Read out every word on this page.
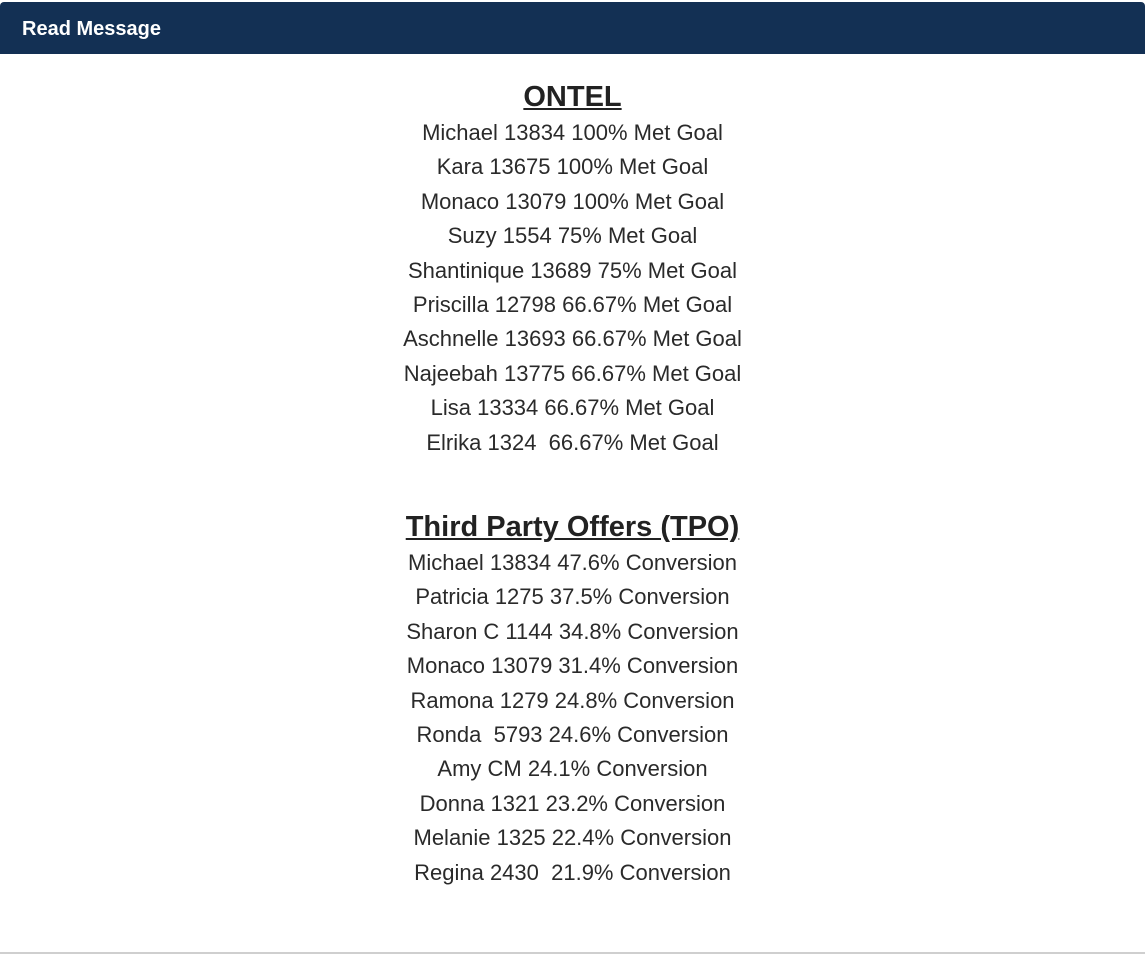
Read Message

ONTEL

Michael 13834 100% Met Goal

Kara 13675 100% Met Goal

Monaco 13079 100% Met Goal

Suzy 1554 75% Met Goal

Shantinique 13689 75% Met Goal

Priscilla 12798 66.67% Met Goal

Aschnelle 13693 66.67% Met Goal

Najeebah 13775 66.67% Met Goal

Lisa 13334 66.67% Met Goal

Elrika 1324  66.67% Met Goal

Third Party Offers (TPO)

Michael 13834 47.6% Conversion

Patricia 1275 37.5% Conversion

Sharon C 1144 34.8% Conversion

Monaco 13079 31.4% Conversion

Ramona 1279 24.8% Conversion

Ronda  5793 24.6% Conversion

Amy CM 24.1% Conversion

Donna 1321 23.2% Conversion

Melanie 1325 22.4% Conversion

Regina 2430  21.9% Conversion
